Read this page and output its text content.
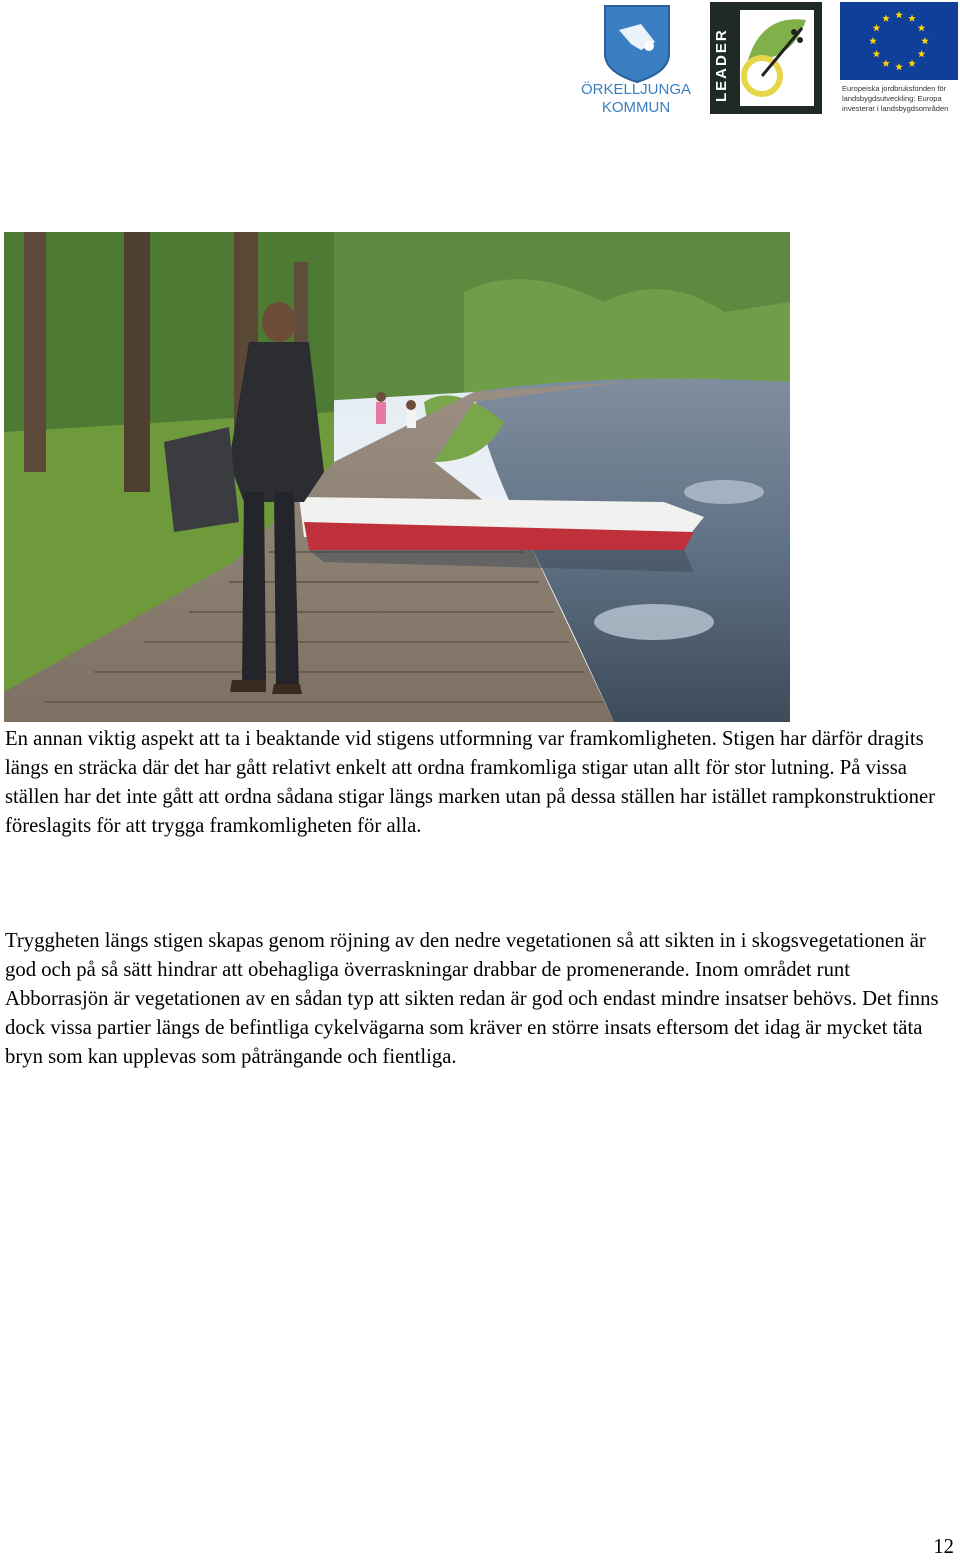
ÖRKELLJUNGA
KOMMUN
LEADER	Europeiska jordbruksfonden för
landsbygdsutveckling: Europa
investerar i landsbygdsområden

En annan viktig aspekt att ta i beaktande vid stigens utformning var framkomligheten. Stigen har därför dragits längs en sträcka där det har gått relativt enkelt att ordna framkomliga stigar utan allt för stor lutning. På vissa ställen har det inte gått att ordna sådana stigar längs marken utan på dessa ställen har istället rampkonstruktioner föreslagits för att trygga framkomligheten för alla.

Tryggheten längs stigen skapas genom röjning av den nedre vegetationen så att sikten in i skogsvegetationen är god och på så sätt hindrar att obehagliga överraskningar drabbar de promenerande. Inom området runt Abborrasjön är vegetationen av en sådan typ att sikten redan är god och endast mindre insatser behövs. Det finns dock vissa partier längs de befintliga cykelvägarna som kräver en större insats eftersom det idag är mycket täta bryn som kan upplevas som påträngande och fientliga.

12
